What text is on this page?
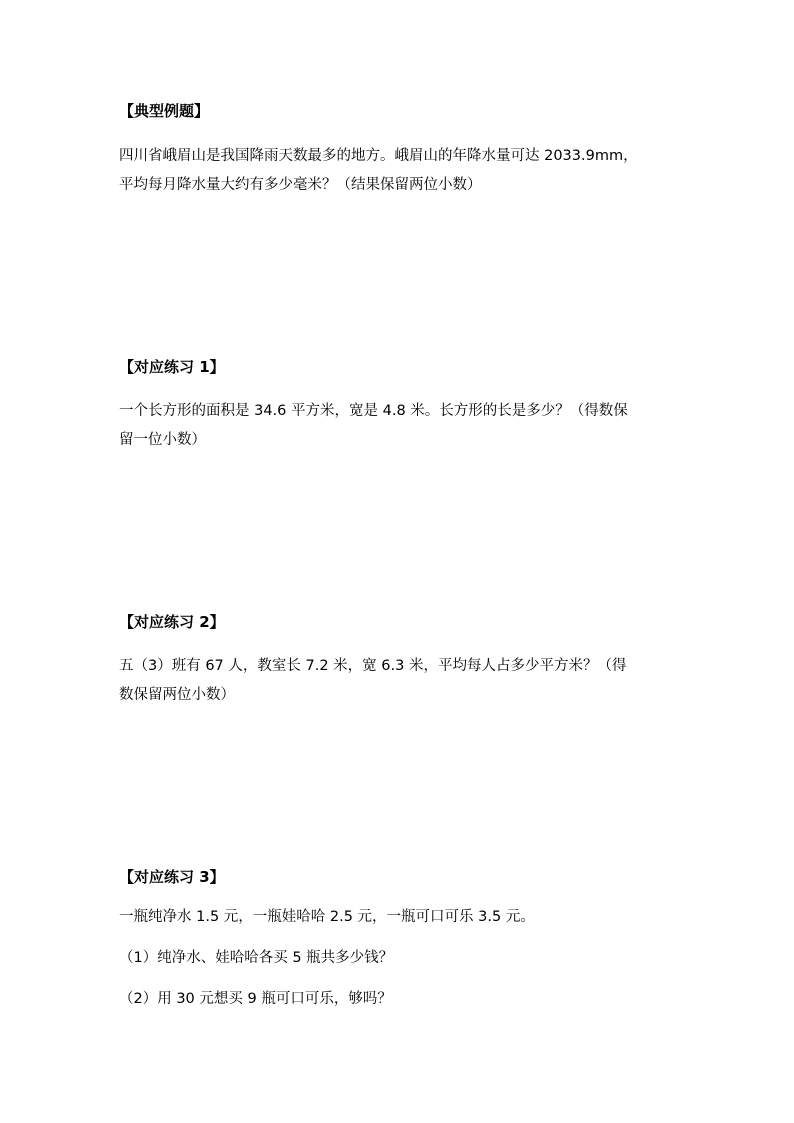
【典型例题】

四川省峨眉山是我国降雨天数最多的地方。峨眉山的年降水量可达 2033.9mm，

平均每月降水量大约有多少毫米？（结果保留两位小数）

【对应练习 1】

一个长方形的面积是 34.6 平方米，宽是 4.8 米。长方形的长是多少？（得数保

留一位小数）

【对应练习 2】

五（3）班有 67 人，教室长 7.2 米，宽 6.3 米，平均每人占多少平方米？（得

数保留两位小数）

【对应练习 3】

一瓶纯净水 1.5 元，一瓶娃哈哈 2.5 元，一瓶可口可乐 3.5 元。

（1）纯净水、娃哈哈各买 5 瓶共多少钱？

（2）用 30 元想买 9 瓶可口可乐，够吗？
